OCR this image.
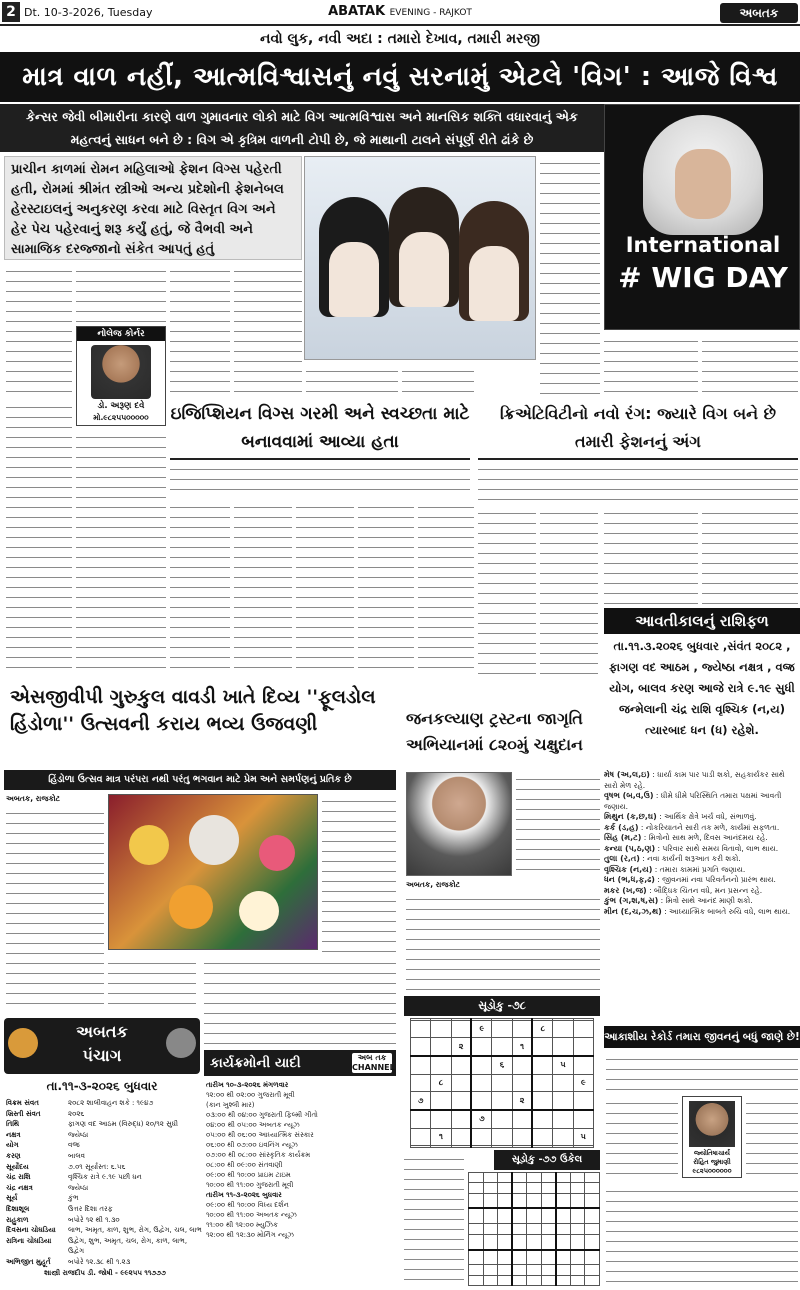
2 Dt. 10-3-2026, Tuesday	ABATAK EVENING - RAJKOT	અબતક
નવો લુક, નવી અદા : તમારો દેખાવ, તમારી મરજી
માત્ર વાળ નહીં, આત્મવિશ્વાસનું નવું સરનામું એટલે 'વિગ' : આજે વિશ્વ
કેન્સર જેવી બીમારીના કારણે વાળ ગુમાવનાર લોકો માટે વિગ આત્મવિશ્વાસ અને માનસિક શક્તિ વધારવાનું એક મહત્વનું સાધન બને છે : વિગ એ કૃત્રિમ વાળની ટોપી છે, જે માથાની ટાલને સંપૂર્ણ રીતે ઢાંકે છે
પ્રાચીન કાળમાં રોમન મહિલાઓ ફેશન વિગ્સ પહેરતી હતી, રોમમાં શ્રીમંત સ્ત્રીઓ અન્ય પ્રદેશોની ફેશનેબલ હેરસ્ટાઇલનું અનુકરણ કરવા માટે વિસ્તૃત વિગ અને હેર પેચ પહેરવાનું શરૂ કર્યું હતું, જે વૈભવી અને સામાજિક દરજ્જાનો સંકેત આપતું હતું	International
# WIG DAY
નોલેજ કોર્નર
ડો. અરૂણ દવે
મો.૯૮૨૫૫૦૦૦૦૦	ઇજિપ્શિયન વિગ્સ ગરમી અને સ્વચ્છતા માટે બનાવવામાં આવ્યા હતા
ક્રિએટિવિટીનો નવો રંગ: જ્યારે વિગ બને છે તમારી ફેશનનું અંગ
આવતીકાલનું રાશિફળ
તા.૧૧.૩.૨૦૨૬ બુધવાર ,સંવંત ૨૦૮૨ , ફાગણ વદ આઠમ , જ્યેષ્ઠા નક્ષત્ર , વજ્ર યોગ, બાલવ કરણ આજે રાત્રે ૯.૧૯ સુધી જન્મેલાની ચંદ્ર રાશિ વૃશ્ચિક (ન,ય) ત્યારબાદ ધન (ધ) રહેશે.
મેષ (અ,લ,ઇ) : ધાર્યા કામ પાર પાડી શકો, સહકાર્યકર સાથે સારો મેળ રહે.
વૃષભ (બ,વ,ઉ) : ધીમે ધીમે પરિસ્થિતિ તમારા પક્ષમાં આવતી જણાય.
મિથુન (ક,છ,ઘ) : આર્થિક ક્ષેત્રે ખર્ચ વધે, સંભાળવું.
કર્ક (ડ,હ) : નોકરિયાતને સારી તક મળે, કાર્યમાં સફળતા.
સિંહ (મ,ટ) : મિત્રોનો સાથ મળે, દિવસ આનંદમય રહે.
કન્યા (પ,ઠ,ણ) : પરિવાર સાથે સમય વિતાવો, લાભ થાય.
તુલા (ર,ત) : નવા કાર્યની શરૂઆત કરી શકો.
વૃશ્ચિક (ન,ય) : તમારા કામમાં પ્રગતિ જણાય.
ધન (ભ,ધ,ફ,ઢ) : જીવનમાં નવા પરિવર્તનનો પ્રારંભ થાય.
મકર (ખ,જ) : બૌદ્ધિક ચિંતન વધે, મન પ્રસન્ન રહે.
કુંભ (ગ,શ,ષ,સ) : મિત્રો સાથે આનંદ માણી શકો.
મીન (દ,ચ,ઝ,થ) : આધ્યાત્મિક બાબતે રુચિ વધે, લાભ થાય.
આકાશીય રેકોર્ડ તમારા જીવનનું બધું જાણે છે!
જ્યોતિષાચાર્ય
રોહિત જુમાણી
૯૮૨૫૦૦૦૦૦૦
એસજીવીપી ગુરુકુલ વાવડી ખાતે દિવ્ય ''ફૂલડોલ હિંડોળા'' ઉત્સવની કરાય ભવ્ય ઉજવણી
હિંડોળા ઉત્સવ માત્ર પરંપરા નથી પરંતુ ભગવાન માટે પ્રેમ અને સમર્પણનું પ્રતિક છે
અબતક, રાજકોટ
જનકલ્યાણ ટ્રસ્ટના જાગૃતિ અભિયાનમાં ૮૨૦મું ચક્ષુદાન
અબતક, રાજકોટ
સૂડોકુ -૭૮

			૯			૮		
		૨			૧			
				૬			૫	
	૮							૯
૭					૨			
			૭					
	૧							૫

સૂડોકુ -૭૭ ઉકેલ

અબતક
પંચાગ
તા.૧૧-૩-૨૦૨૬ બુધવાર
વિક્રમ સંવત	૨૦૮૨ શાલીવાહન શકે : ૧૯૪૭
ખ્રિસ્તી સંવત	૨૦૨૬
તિથિ	ફાગણ વદ આઠમ (વિરુદ્ધ) ૨૦/૧૨ સુધી
નક્ષત્ર	જ્યેષ્ઠા
યોગ	વજ્ર
કરણ	બાલવ
સૂર્યોદય	૭.૦૧ સૂર્યાસ્ત: ૬.૫૬
ચંદ્ર રાશિ	વૃશ્ચિક રાત્રે ૯.૧૯ પછી ધન
ચંદ્ર નક્ષત્ર	જ્યેષ્ઠા
સૂર્ય	કુંભ
દિશાશૂલ	ઉત્તર દિશા તરફ
રાહુકાળ	બપોરે ૧૨ થી ૧.૩૦
દિવસના ચોઘડિયા	લાભ, અમૃત, કાળ, શુભ, રોગ, ઉદ્વેગ, ચલ, લાભ
રાત્રિના ચોઘડિયા	ઉદ્વેગ, શુભ, અમૃત, ચલ, રોગ, કાળ, લાભ, ઉદ્વેગ
અભિજીત મુહૂર્ત	બપોરે ૧૨.૩૮ થી ૧.૨૩
શાસ્ત્રી રાજદીપ ડી. જોષી - ૯૯૨૫૫ ૧૧૭૭૭
કાર્યક્રમોની યાદી	અબ તક CHANNEL
તારીખ ૧૦-૩-૨૦૨૬ મંગળવાર
૧૨:૦૦ થી ૦૨:૦૦ ગુજરાતી મૂવી
(કાન ખુશ્લી માર)
૦૩:૦૦ થી ૦૪:૦૦ ગુજરાતી ફિલ્મી ગીતો
૦૪:૦૦ થી ૦૫:૦૦ અબતક ન્યૂઝ
૦૫:૦૦ થી ૦૬:૦૦ આધ્યાત્મિક સંસ્કાર
૦૬:૦૦ થી ૦૭:૦૦ ઇવનિંગ ન્યૂઝ
૦૭:૦૦ થી ૦૮:૦૦ સાંસ્કૃતિક કાર્યક્રમ
૦૮:૦૦ થી ૦૯:૦૦ સંતવાણી
૦૯:૦૦ થી ૧૦:૦૦ પ્રાઇમ ટાઇમ
૧૦:૦૦ થી ૧૧:૦૦ ગુજરાતી મૂવી
તારીખ ૧૧-૩-૨૦૨૬ બુધવાર
૦૯:૦૦ થી ૧૦:૦૦ વિધ્ય દર્શન
૧૦:૦૦ થી ૧૧:૦૦ અબતક ન્યૂઝ
૧૧:૦૦ થી ૧૨:૦૦ મ્યુઝિક
૧૨:૦૦ થી ૧૨:૩૦ મોર્નિંગ ન્યૂઝ
